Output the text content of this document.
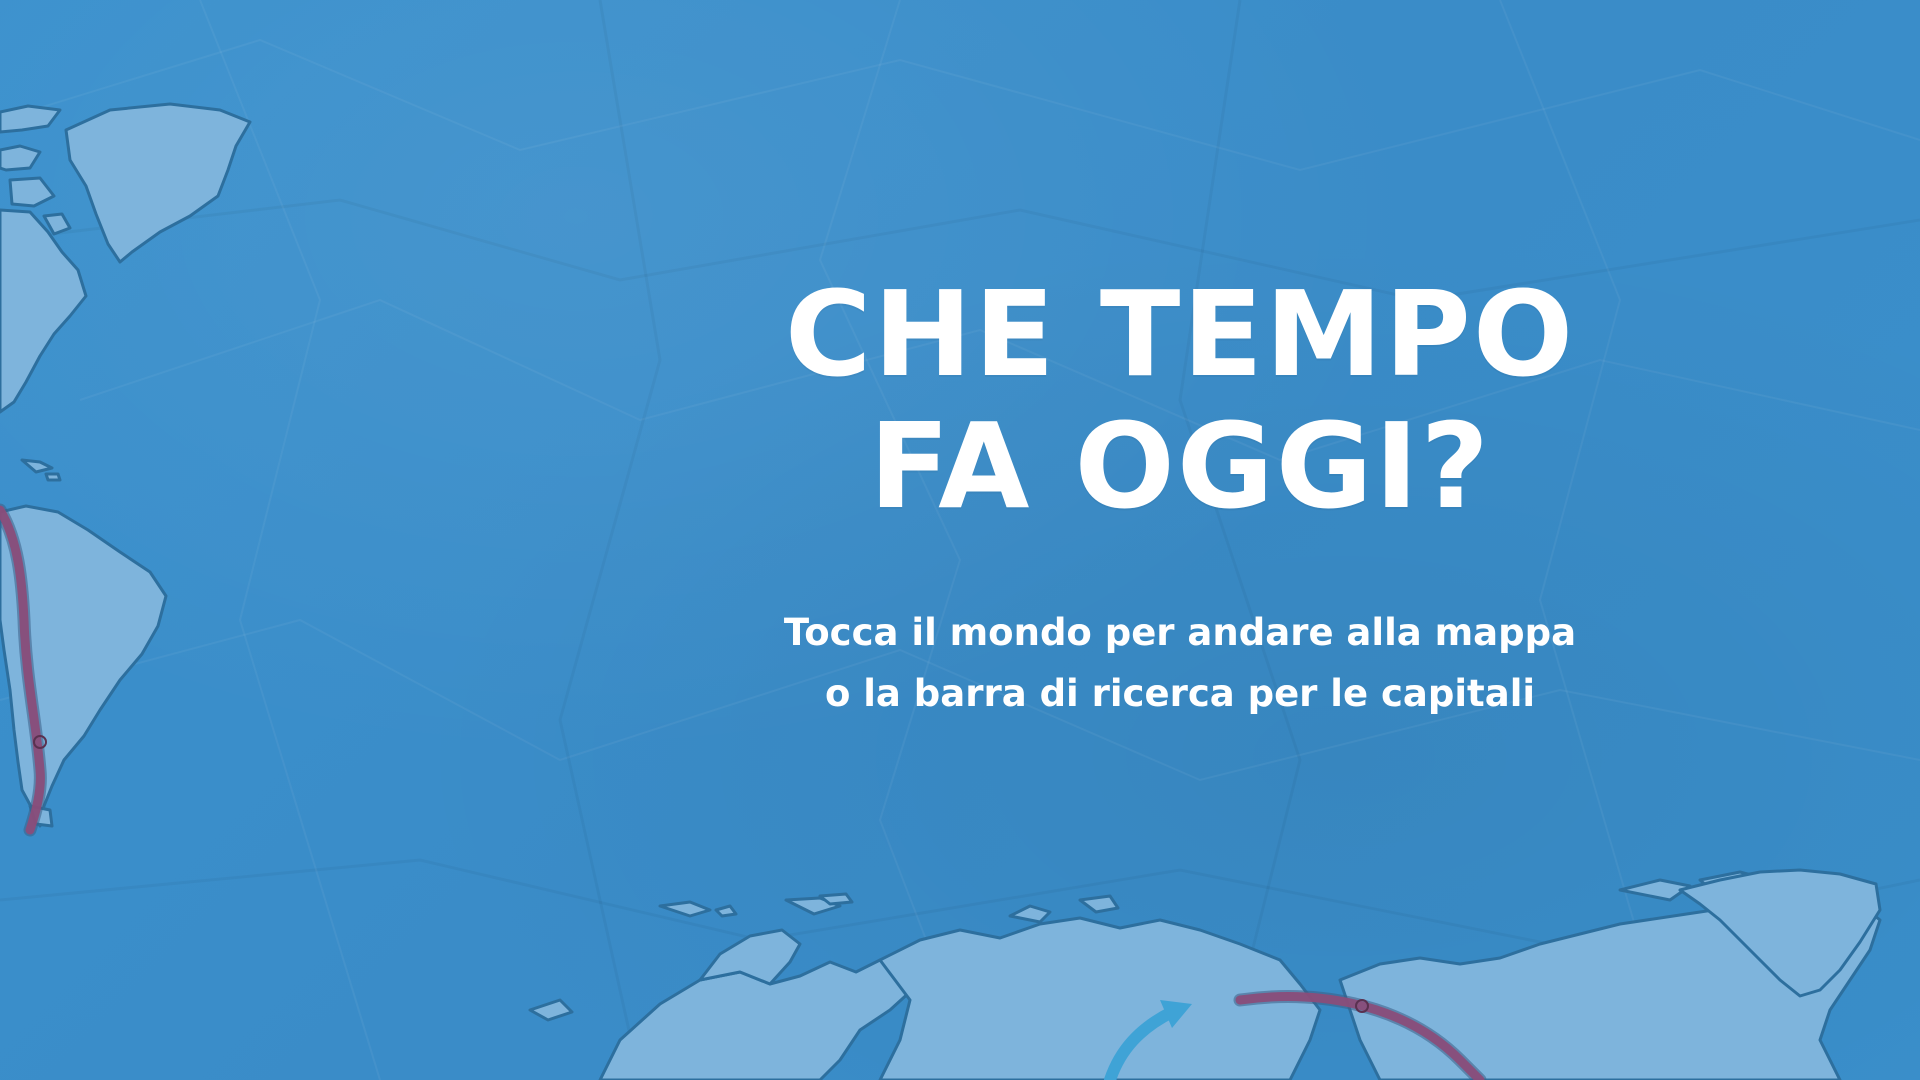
CHE TEMPO
FA OGGI?
Tocca il mondo per andare alla mappa
o la barra di ricerca per le capitali
